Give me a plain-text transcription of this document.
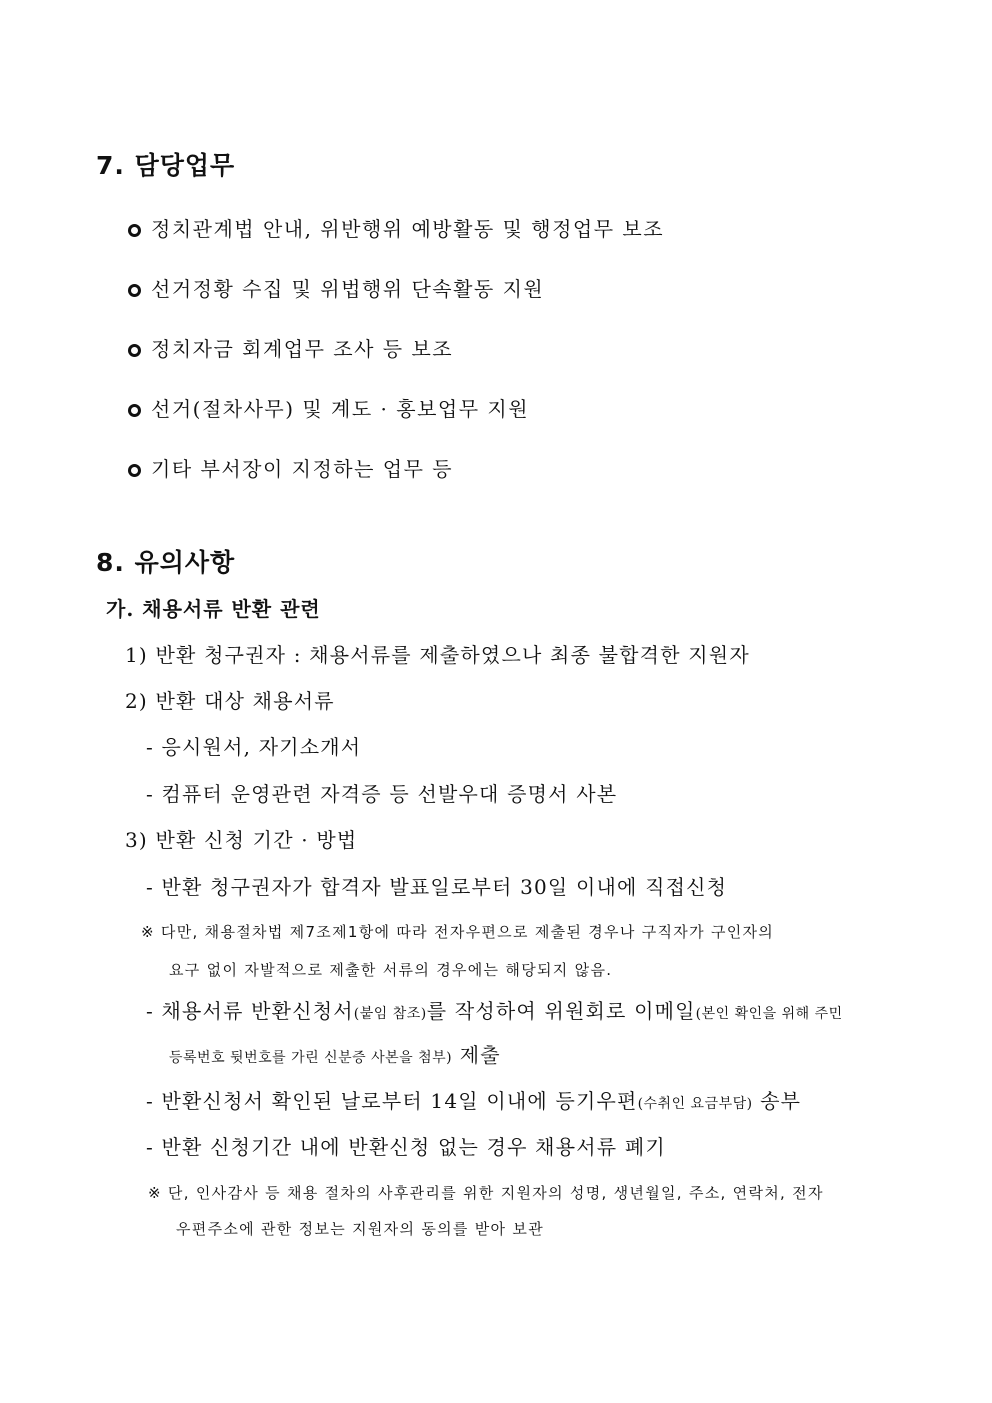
7. 담당업무
정치관계법 안내, 위반행위 예방활동 및 행정업무 보조
선거정황 수집 및 위법행위 단속활동 지원
정치자금 회계업무 조사 등 보조
선거(절차사무) 및 계도 · 홍보업무 지원
기타 부서장이 지정하는 업무 등
8. 유의사항
가. 채용서류 반환 관련
1) 반환 청구권자 : 채용서류를 제출하였으나 최종 불합격한 지원자
2) 반환 대상 채용서류
- 응시원서, 자기소개서
- 컴퓨터 운영관련 자격증 등 선발우대 증명서 사본
3) 반환 신청 기간 · 방법
- 반환 청구권자가 합격자 발표일로부터 30일 이내에 직접신청
※ 다만, 채용절차법 제7조제1항에 따라 전자우편으로 제출된 경우나 구직자가 구인자의
요구 없이 자발적으로 제출한 서류의 경우에는 해당되지 않음.
- 채용서류 반환신청서(붙임 참조)를 작성하여 위원회로 이메일(본인 확인을 위해 주민
등록번호 뒷번호를 가린 신분증 사본을 첨부) 제출
- 반환신청서 확인된 날로부터 14일 이내에 등기우편(수취인 요금부담) 송부
- 반환 신청기간 내에 반환신청 없는 경우 채용서류 폐기
※ 단, 인사감사 등 채용 절차의 사후관리를 위한 지원자의 성명, 생년월일, 주소, 연락처, 전자
우편주소에 관한 정보는 지원자의 동의를 받아 보관
